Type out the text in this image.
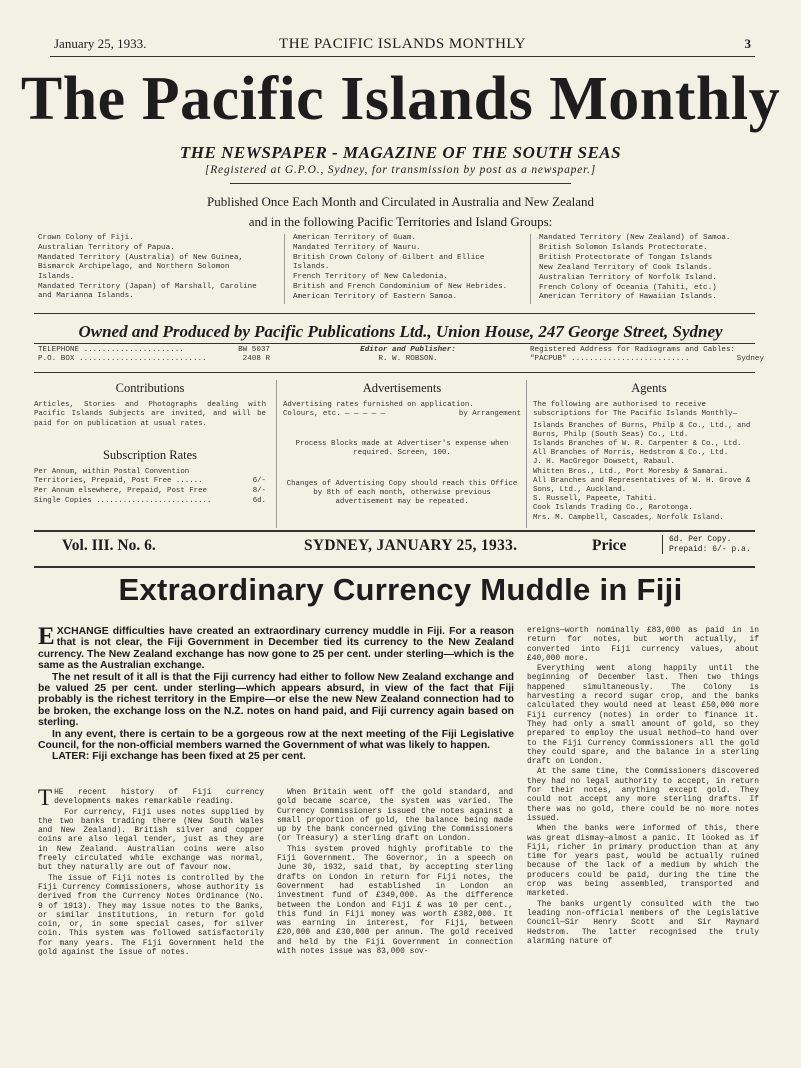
January 25, 1933.	THE PACIFIC ISLANDS MONTHLY	3
The Pacific Islands Monthly
THE NEWSPAPER - MAGAZINE OF THE SOUTH SEAS
[Registered at G.P.O., Sydney, for transmission by post as a newspaper.]
Published Once Each Month and Circulated in Australia and New Zealand
and in the following Pacific Territories and Island Groups:
Crown Colony of Fiji.
Australian Territory of Papua.
Mandated Territory (Australia) of New Guinea, Bismarck Archipelago, and Northern Solomon Islands.
Mandated Territory (Japan) of Marshall, Caroline and Marianna Islands.
American Territory of Guam.
Mandated Territory of Nauru.
British Crown Colony of Gilbert and Ellice Islands.
French Territory of New Caledonia.
British and French Condominium of New Hebrides.
American Territory of Eastern Samoa.
Mandated Territory (New Zealand) of Samoa.
British Solomon Islands Protectorate.
British Protectorate of Tongan Islands
New Zealand Territory of Cook Islands.
Australian Territory of Norfolk Island.
French Colony of Oceania (Tahiti, etc.)
American Territory of Hawaiian Islands.
Owned and Produced by Pacific Publications Ltd., Union House, 247 George Street, Sydney
TELEPHONE ......................	BW 5037
P.O. BOX ............................	2408 R
Editor and Publisher:
R. W. ROBSON.
Registered Address for Radiograms and Cables:
"PACPUB" ..........................	Sydney
Contributions
Articles, Stories and Photographs dealing with Pacific Islands Subjects are invited, and will be paid for on publication at usual rates.
Subscription Rates
Per Annum, within Postal Convention Territories, Prepaid, Post Free ......	6/-
Per Annum elsewhere, Prepaid, Post Free	8/-
Single Copies ..........................	6d.
Advertisements
Advertising rates furnished on application.
Colours, etc. — — — — —	by Arrangement
Process Blocks made at Advertiser's expense when required. Screen, 100.
Changes of Advertising Copy should reach this Office by 8th of each month, otherwise previous advertisement may be repeated.
Agents
The following are authorised to receive subscriptions for The Pacific Islands Monthly—
Islands Branches of Burns, Philp & Co., Ltd., and Burns, Philp (South Seas) Co., Ltd.
Islands Branches of W. R. Carpenter & Co., Ltd.
All Branches of Morris, Hedstrom & Co., Ltd.
J. H. MacGregor Dowsett, Rabaul.
Whitten Bros., Ltd., Port Moresby & Samarai.
All Branches and Representatives of W. H. Grove & Sons, Ltd., Auckland.
S. Russell, Papeete, Tahiti.
Cook Islands Trading Co., Rarotonga.
Mrs. M. Campbell, Cascades, Norfolk Island.
Vol. III. No. 6.	SYDNEY, JANUARY 25, 1933.	Price	6d. Per Copy.
Prepaid: 6/- p.a.
Extraordinary Currency Muddle in Fiji

EXCHANGE difficulties have created an extraordinary currency muddle in Fiji. For a reason that is not clear, the Fiji Government in December tied its currency to the New Zealand currency. The New Zealand exchange has now gone to 25 per cent. under sterling—which is the same as the Australian exchange.

The net result of it all is that the Fiji currency had either to follow New Zealand exchange and be valued 25 per cent. under sterling—which appears absurd, in view of the fact that Fiji probably is the richest territory in the Empire—or else the new New Zealand connection had to be broken, the exchange loss on the N.Z. notes on hand paid, and Fiji currency again based on sterling.

In any event, there is certain to be a gorgeous row at the next meeting of the Fiji Legislative Council, for the non-official members warned the Government of what was likely to happen.

LATER: Fiji exchange has been fixed at 25 per cent.

THE recent history of Fiji currency developments makes remarkable reading.

For currency, Fiji uses notes supplied by the two banks trading there (New South Wales and New Zealand). British silver and copper coins are also legal tender, just as they are in New Zealand. Australian coins were also freely circulated while exchange was normal, but they naturally are out of favour now.

The issue of Fiji notes is controlled by the Fiji Currency Commissioners, whose authority is derived from the Currency Notes Ordinance (No. 9 of 1913). They may issue notes to the Banks, or similar institutions, in return for gold coin, or, in some special cases, for silver coin. This system was followed satisfactorily for many years. The Fiji Government held the gold against the issue of notes.

When Britain went off the gold standard, and gold became scarce, the system was varied. The Currency Commissioners issued the notes against a small proportion of gold, the balance being made up by the bank concerned giving the Commissioners (or Treasury) a sterling draft on London.

This system proved highly profitable to the Fiji Government. The Governor, in a speech on June 30, 1932, said that, by accepting sterling drafts on London in return for Fiji notes, the Government had established in London an investment fund of £349,000. As the difference between the London and Fiji £ was 10 per cent., this fund in Fiji money was worth £382,000. It was earning in interest, for Fiji, between £20,000 and £30,000 per annum. The gold received and held by the Fiji Government in connection with notes issue was 83,000 sov-

ereigns—worth nominally £83,000 as paid in in return for notes, but worth actually, if converted into Fiji currency values, about £40,000 more.

Everything went along happily until the beginning of December last. Then two things happened simultaneously. The Colony is harvesting a record sugar crop, and the banks calculated they would need at least £50,000 more Fiji currency (notes) in order to finance it. They had only a small amount of gold, so they prepared to employ the usual method—to hand over to the Fiji Currency Commissioners all the gold they could spare, and the balance in a sterling draft on London.

At the same time, the Commissioners discovered they had no legal authority to accept, in return for their notes, anything except gold. They could not accept any more sterling drafts. If there was no gold, there could be no more notes issued.

When the banks were informed of this, there was great dismay—almost a panic. It looked as if Fiji, richer in primary production than at any time for years past, would be actually ruined because of the lack of a medium by which the producers could be paid, during the time the crop was being assembled, transported and marketed.

The banks urgently consulted with the two leading non-official members of the Legislative Council—Sir Henry Scott and Sir Maynard Hedstrom. The latter recognised the truly alarming nature of
